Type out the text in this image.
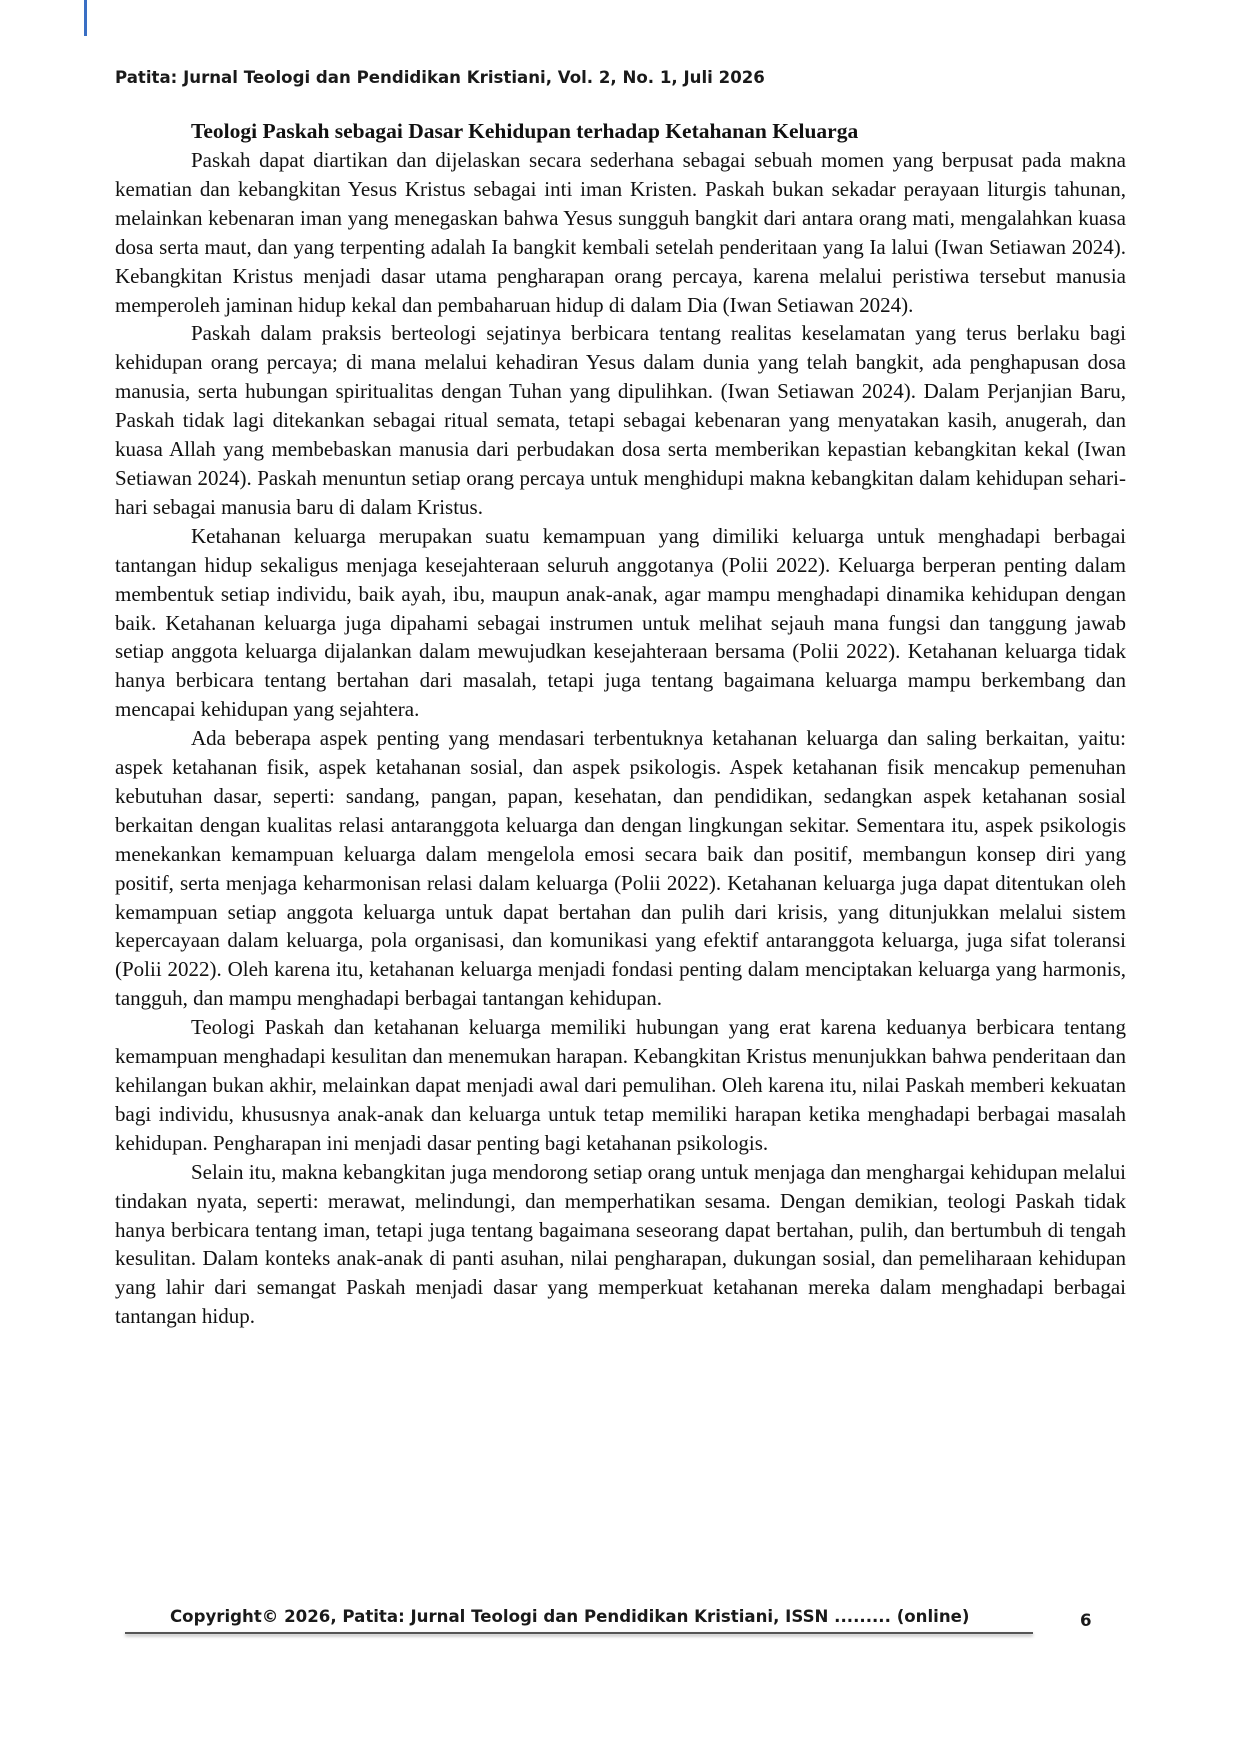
Patita: Jurnal Teologi dan Pendidikan Kristiani, Vol. 2, No. 1, Juli 2026
Teologi Paskah sebagai Dasar Kehidupan terhadap Ketahanan Keluarga

Paskah dapat diartikan dan dijelaskan secara sederhana sebagai sebuah momen yang berpusat pada makna kematian dan kebangkitan Yesus Kristus sebagai inti iman Kristen. Paskah bukan sekadar perayaan liturgis tahunan, melainkan kebenaran iman yang menegaskan bahwa Yesus sungguh bangkit dari antara orang mati, mengalahkan kuasa dosa serta maut, dan yang terpenting adalah Ia bangkit kembali setelah penderitaan yang Ia lalui (Iwan Setiawan 2024). Kebangkitan Kristus menjadi dasar utama pengharapan orang percaya, karena melalui peristiwa tersebut manusia memperoleh jaminan hidup kekal dan pembaharuan hidup di dalam Dia (Iwan Setiawan 2024).

Paskah dalam praksis berteologi sejatinya berbicara tentang realitas keselamatan yang terus berlaku bagi kehidupan orang percaya; di mana melalui kehadiran Yesus dalam dunia yang telah bangkit, ada penghapusan dosa manusia, serta hubungan spiritualitas dengan Tuhan yang dipulihkan. (Iwan Setiawan 2024). Dalam Perjanjian Baru, Paskah tidak lagi ditekankan sebagai ritual semata, tetapi sebagai kebenaran yang menyatakan kasih, anugerah, dan kuasa Allah yang membebaskan manusia dari perbudakan dosa serta memberikan kepastian kebangkitan kekal (Iwan Setiawan 2024). Paskah menuntun setiap orang percaya untuk menghidupi makna kebangkitan dalam kehidupan sehari-hari sebagai manusia baru di dalam Kristus.

Ketahanan keluarga merupakan suatu kemampuan yang dimiliki keluarga untuk menghadapi berbagai tantangan hidup sekaligus menjaga kesejahteraan seluruh anggotanya (Polii 2022). Keluarga berperan penting dalam membentuk setiap individu, baik ayah, ibu, maupun anak-anak, agar mampu menghadapi dinamika kehidupan dengan baik. Ketahanan keluarga juga dipahami sebagai instrumen untuk melihat sejauh mana fungsi dan tanggung jawab setiap anggota keluarga dijalankan dalam mewujudkan kesejahteraan bersama (Polii 2022). Ketahanan keluarga tidak hanya berbicara tentang bertahan dari masalah, tetapi juga tentang bagaimana keluarga mampu berkembang dan mencapai kehidupan yang sejahtera.

Ada beberapa aspek penting yang mendasari terbentuknya ketahanan keluarga dan saling berkaitan, yaitu: aspek ketahanan fisik, aspek ketahanan sosial, dan aspek psikologis. Aspek ketahanan fisik mencakup pemenuhan kebutuhan dasar, seperti: sandang, pangan, papan, kesehatan, dan pendidikan, sedangkan aspek ketahanan sosial berkaitan dengan kualitas relasi antaranggota keluarga dan dengan lingkungan sekitar. Sementara itu, aspek psikologis menekankan kemampuan keluarga dalam mengelola emosi secara baik dan positif, membangun konsep diri yang positif, serta menjaga keharmonisan relasi dalam keluarga (Polii 2022). Ketahanan keluarga juga dapat ditentukan oleh kemampuan setiap anggota keluarga untuk dapat bertahan dan pulih dari krisis, yang ditunjukkan melalui sistem kepercayaan dalam keluarga, pola organisasi, dan komunikasi yang efektif antaranggota keluarga, juga sifat toleransi (Polii 2022). Oleh karena itu, ketahanan keluarga menjadi fondasi penting dalam menciptakan keluarga yang harmonis, tangguh, dan mampu menghadapi berbagai tantangan kehidupan.

Teologi Paskah dan ketahanan keluarga memiliki hubungan yang erat karena keduanya berbicara tentang kemampuan menghadapi kesulitan dan menemukan harapan. Kebangkitan Kristus menunjukkan bahwa penderitaan dan kehilangan bukan akhir, melainkan dapat menjadi awal dari pemulihan. Oleh karena itu, nilai Paskah memberi kekuatan bagi individu, khususnya anak-anak dan keluarga untuk tetap memiliki harapan ketika menghadapi berbagai masalah kehidupan. Pengharapan ini menjadi dasar penting bagi ketahanan psikologis.

Selain itu, makna kebangkitan juga mendorong setiap orang untuk menjaga dan menghargai kehidupan melalui tindakan nyata, seperti: merawat, melindungi, dan memperhatikan sesama. Dengan demikian, teologi Paskah tidak hanya berbicara tentang iman, tetapi juga tentang bagaimana seseorang dapat bertahan, pulih, dan bertumbuh di tengah kesulitan. Dalam konteks anak-anak di panti asuhan, nilai pengharapan, dukungan sosial, dan pemeliharaan kehidupan yang lahir dari semangat Paskah menjadi dasar yang memperkuat ketahanan mereka dalam menghadapi berbagai tantangan hidup.

Copyright© 2026, Patita: Jurnal Teologi dan Pendidikan Kristiani, ISSN ......... (online)	6
